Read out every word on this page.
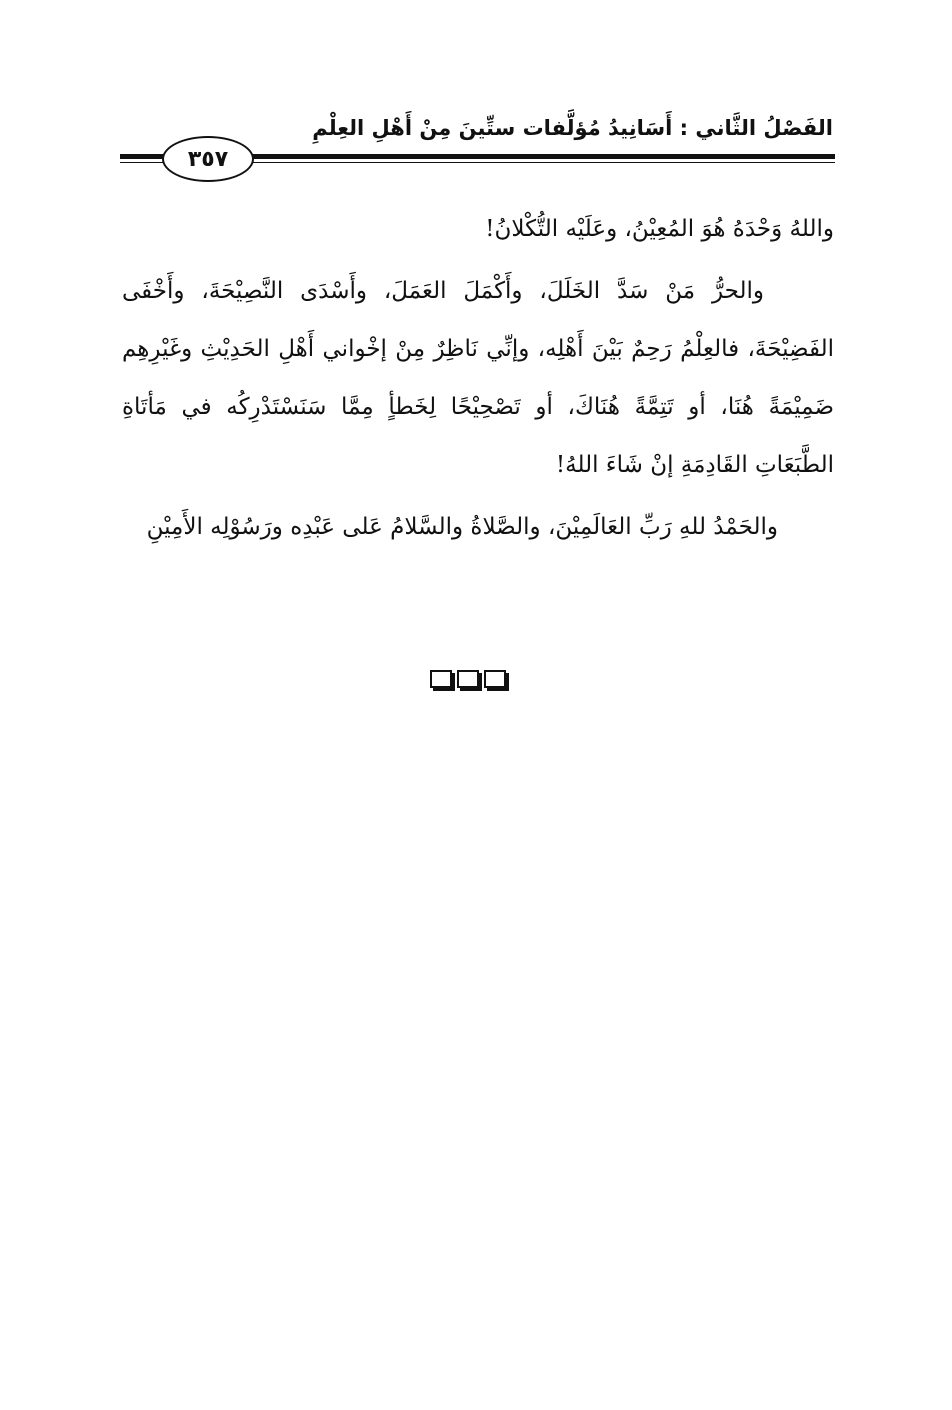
الفَصْلُ الثَّاني : أَسَانِيدُ مُؤلَّفات ستِّينَ مِنْ أَهْلِ العِلْمِ
٣٥٧

واللهُ وَحْدَهُ هُوَ المُعِيْنُ، وعَلَيْه التُّكْلانُ!

والحرُّ مَنْ سَدَّ الخَلَلَ، وأَكْمَلَ العَمَلَ، وأَسْدَى النَّصِيْحَةَ، وأَخْفَى الفَضِيْحَةَ، فالعِلْمُ رَحِمٌ بَيْنَ أَهْلِه، وإنِّي نَاظِرٌ مِنْ إخْواني أَهْلِ الحَدِيْثِ وغَيْرِهِم ضَمِيْمَةً هُنَا، أو تَتِمَّةً هُنَاكَ، أو تَصْحِيْحًا لِخَطأٍ مِمَّا سَنَسْتَدْرِكُه في مَأتَاةِ الطَّبَعَاتِ القَادِمَةِ إنْ شَاءَ اللهُ!

والحَمْدُ للهِ رَبِّ العَالَمِيْنَ، والصَّلاةُ والسَّلامُ عَلى عَبْدِه ورَسُوْلِه الأَمِيْنِ
